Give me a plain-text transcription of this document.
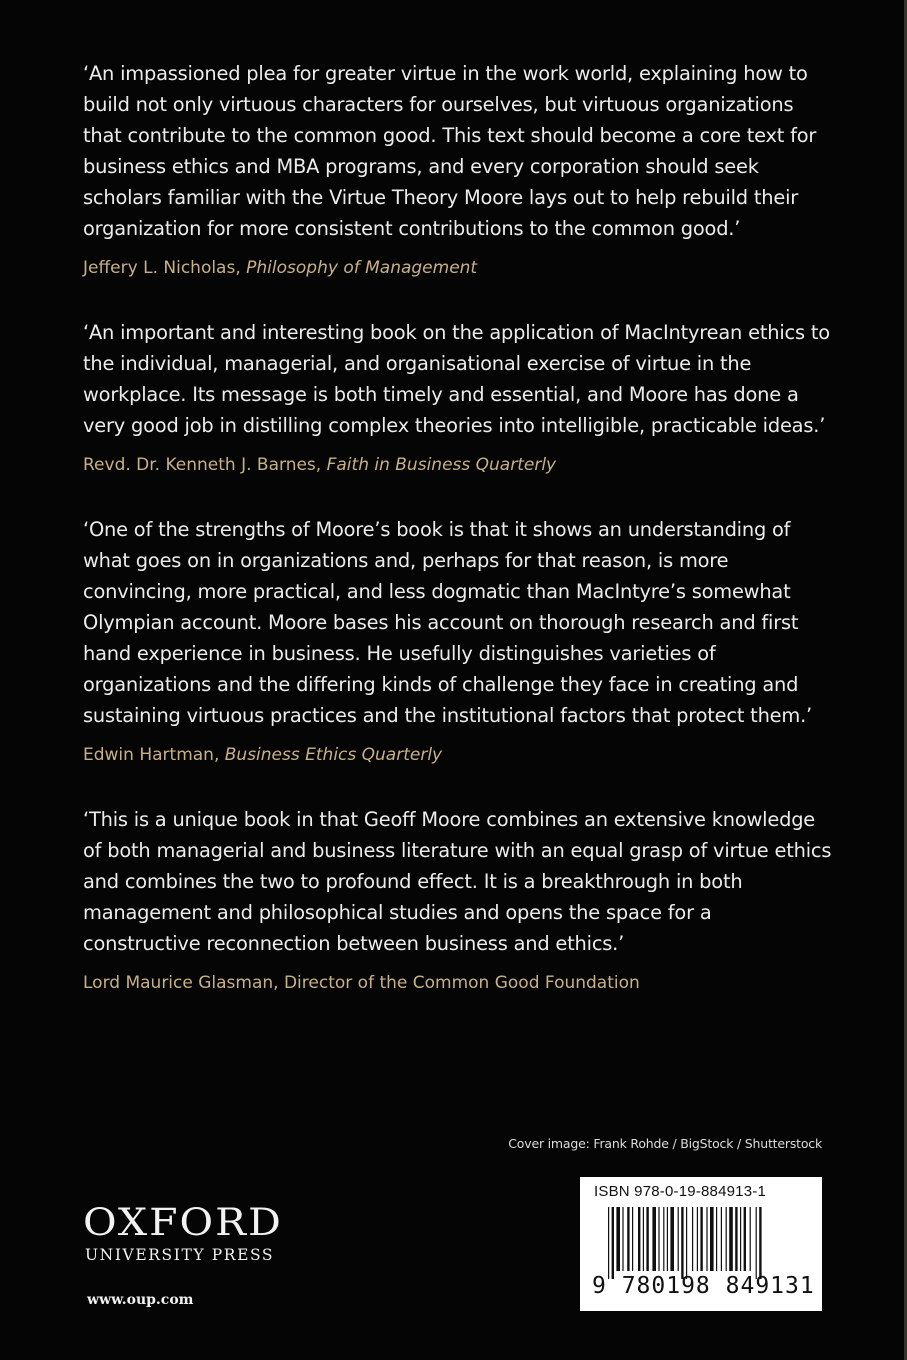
‘An impassioned plea for greater virtue in the work world, explaining how to build not only virtuous characters for ourselves, but virtuous organizations that contribute to the common good. This text should become a core text for business ethics and MBA programs, and every corporation should seek scholars familiar with the Virtue Theory Moore lays out to help rebuild their organization for more consistent contributions to the common good.’

Jeffery L. Nicholas, Philosophy of Management

‘An important and interesting book on the application of MacIntyrean ethics to the individual, managerial, and organisational exercise of virtue in the workplace. Its message is both timely and essential, and Moore has done a very good job in distilling complex theories into intelligible, practicable ideas.’

Revd. Dr. Kenneth J. Barnes, Faith in Business Quarterly

‘One of the strengths of Moore’s book is that it shows an understanding of what goes on in organizations and, perhaps for that reason, is more convincing, more practical, and less dogmatic than MacIntyre’s somewhat Olympian account. Moore bases his account on thorough research and first hand experience in business. He usefully distinguishes varieties of organizations and the differing kinds of challenge they face in creating and sustaining virtuous practices and the institutional factors that protect them.’

Edwin Hartman, Business Ethics Quarterly

‘This is a unique book in that Geoff Moore combines an extensive knowledge of both managerial and business literature with an equal grasp of virtue ethics and combines the two to profound effect. It is a breakthrough in both management and philosophical studies and opens the space for a constructive reconnection between business and ethics.’

Lord Maurice Glasman, Director of the Common Good Foundation

Cover image: Frank Rohde / BigStock / Shutterstock
OXFORD
UNIVERSITY PRESS
www.oup.com
ISBN 978-0-19-884913-1
9 780198 849131
